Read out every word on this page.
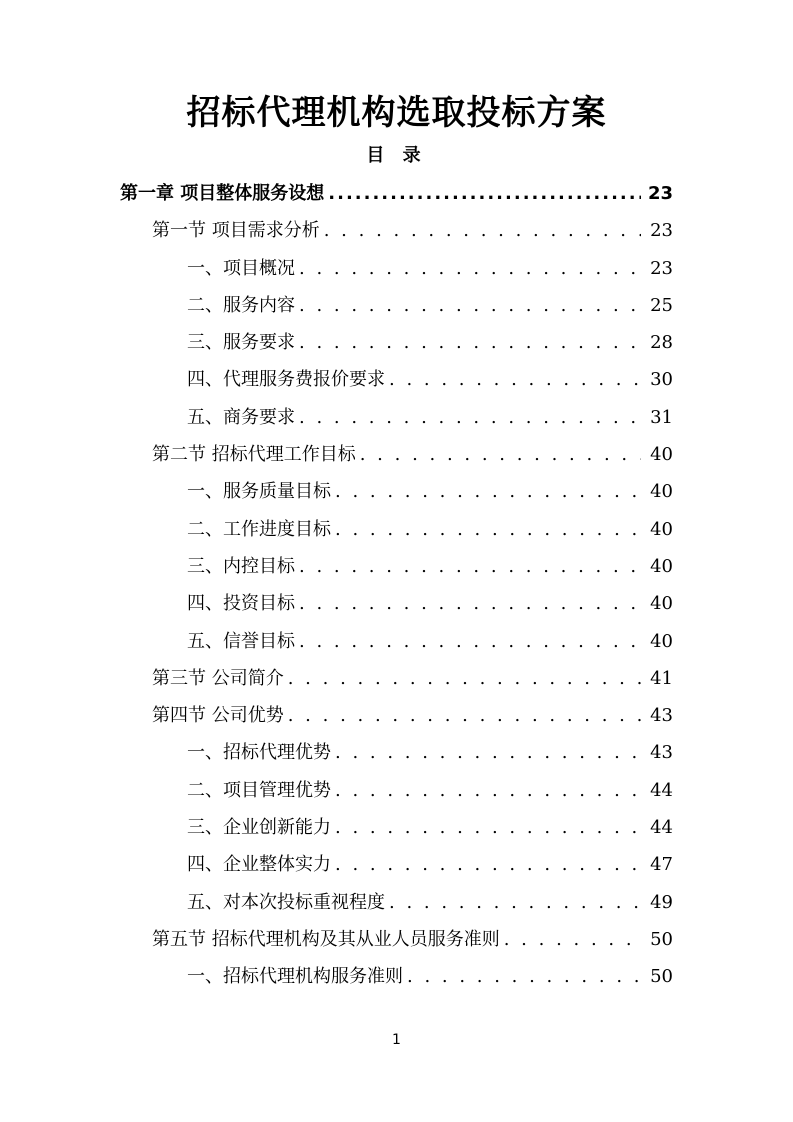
招标代理机构选取投标方案
目 录
第一章 项目整体服务设想 .....	23
第一节 项目需求分析 . . .	23
一、项目概况 . . .	23
二、服务内容 . . .	25
三、服务要求 . . .	28
四、代理服务费报价要求 . . .	30
五、商务要求 . . .	31
第二节 招标代理工作目标 . . .	40
一、服务质量目标 . . .	40
二、工作进度目标 . . .	40
三、内控目标 . . .	40
四、投资目标 . . .	40
五、信誉目标 . . .	40
第三节 公司简介 . . .	41
第四节 公司优势 . . .	43
一、招标代理优势 . . .	43
二、项目管理优势 . . .	44
三、企业创新能力 . . .	44
四、企业整体实力 . . .	47
五、对本次投标重视程度 . . .	49
第五节 招标代理机构及其从业人员服务准则 . . .	50
一、招标代理机构服务准则 . . .	50
1
